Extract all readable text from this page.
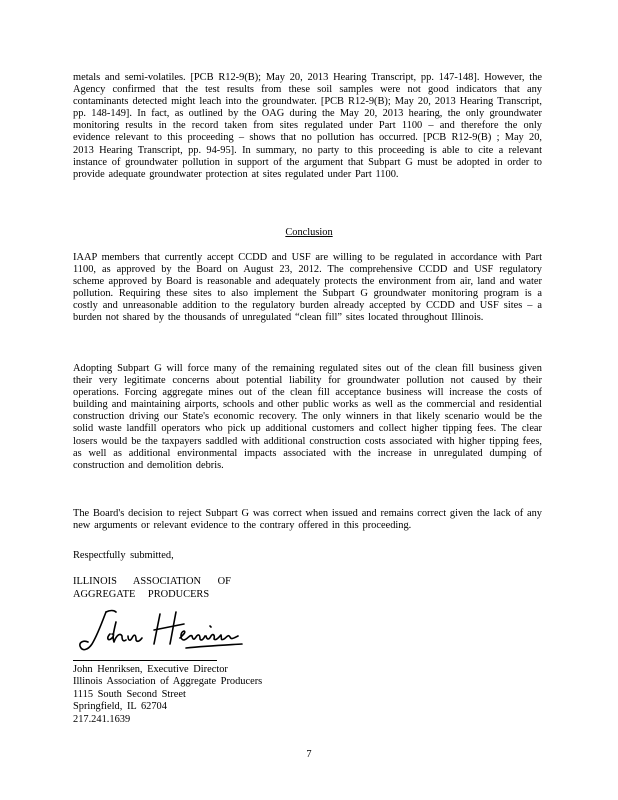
metals and semi-volatiles. [PCB R12-9(B); May 20, 2013 Hearing Transcript, pp. 147-148]. However, the Agency confirmed that the test results from these soil samples were not good indicators that any contaminants detected might leach into the groundwater. [PCB R12-9(B); May 20, 2013 Hearing Transcript, pp. 148-149]. In fact, as outlined by the OAG during the May 20, 2013 hearing, the only groundwater monitoring results in the record taken from sites regulated under Part 1100 – and therefore the only evidence relevant to this proceeding – shows that no pollution has occurred. [PCB R12-9(B) ; May 20, 2013 Hearing Transcript, pp. 94-95]. In summary, no party to this proceeding is able to cite a relevant instance of groundwater pollution in support of the argument that Subpart G must be adopted in order to provide adequate groundwater protection at sites regulated under Part 1100.

Conclusion

IAAP members that currently accept CCDD and USF are willing to be regulated in accordance with Part 1100, as approved by the Board on August 23, 2012. The comprehensive CCDD and USF regulatory scheme approved by Board is reasonable and adequately protects the environment from air, land and water pollution. Requiring these sites to also implement the Subpart G groundwater monitoring program is a costly and unreasonable addition to the regulatory burden already accepted by CCDD and USF sites – a burden not shared by the thousands of unregulated “clean fill” sites located throughout Illinois.

Adopting Subpart G will force many of the remaining regulated sites out of the clean fill business given their very legitimate concerns about potential liability for groundwater pollution not caused by their operations. Forcing aggregate mines out of the clean fill acceptance business will increase the costs of building and maintaining airports, schools and other public works as well as the commercial and residential construction driving our State's economic recovery. The only winners in that likely scenario would be the solid waste landfill operators who pick up additional customers and collect higher tipping fees. The clear losers would be the taxpayers saddled with additional construction costs associated with higher tipping fees, as well as additional environmental impacts associated with the increase in unregulated dumping of construction and demolition debris.

The Board's decision to reject Subpart G was correct when issued and remains correct given the lack of any new arguments or relevant evidence to the contrary offered in this proceeding.

Respectfully submitted,
ILLINOIS ASSOCIATION OF
AGGREGATE PRODUCERS
John Henriksen, Executive Director
Illinois Association of Aggregate Producers
1115 South Second Street
Springfield, IL 62704
217.241.1639
7
